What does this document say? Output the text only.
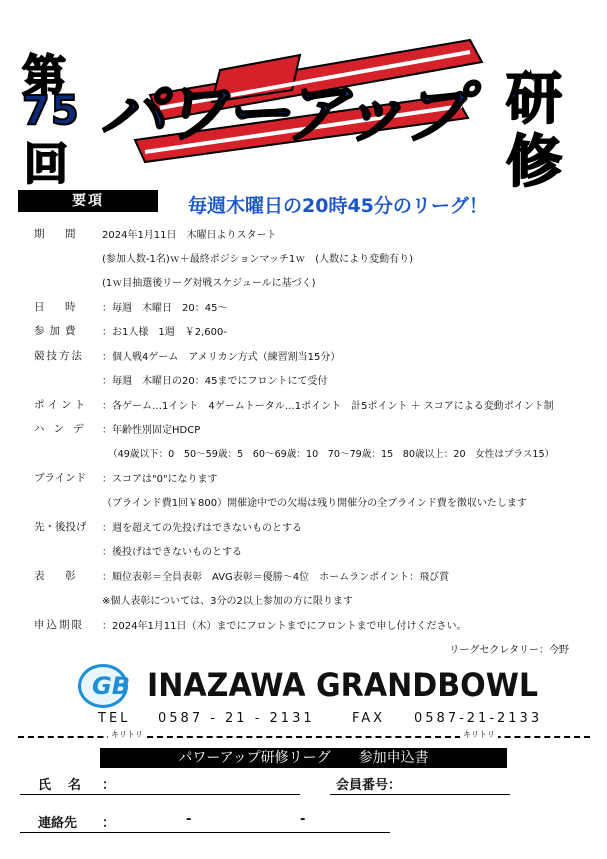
第
75
回
パワーアップ 研
修
要項	毎週木曜日の20時45分のリーグ！
期　間 2024年1月11日　木曜日よりスタート
(参加人数-1名)ｗ＋最終ポジションマッチ1ｗ　(人数により変動有り)
(1ｗ目抽選後リーグ対戦スケジュールに基づく)
日　時 ：毎週　木曜日　20：45～
参加費 ：お1人様　1週　￥2,600-
競技方法 ：個人戦4ゲーム　アメリカン方式（練習割当15分）
：毎週　木曜日の20：45までにフロントにて受付
ポイント ：各ゲーム…1イント　4ゲームトータル…1ポイント　計5ポイント ＋ スコアによる変動ポイント制
ハンデ ：年齢性別固定HDCP
（49歳以下：0　50～59歳：5　60～69歳：10　70～79歳：15　80歳以上：20　女性はプラス15）
ブラインド ：スコアは"0"になります
（ブラインド費1回￥800）開催途中での欠場は残り開催分の全ブラインド費を徴収いたします
先・後投げ ：週を超えての先投げはできないものとする
：後投げはできないものとする
表　彰 ：順位表彰＝全員表彰　AVG表彰＝優勝～4位　ホームランポイント：飛び賞
※個人表彰については、3分の2以上参加の方に限ります
申込期限 ：2024年1月11日（木）までにフロントまでにフロントまで申し付けください。
リーグセクレタリー：今野
GB INAZAWA GRANDBOWL
TEL 0587 - 21 - 2131	FAX 0587-21-2133
キリトリ	キリトリ
パワーアップ研修リーグ　　参加申込書
氏　名 ：	会員番号：
連絡先 ：	-	-
